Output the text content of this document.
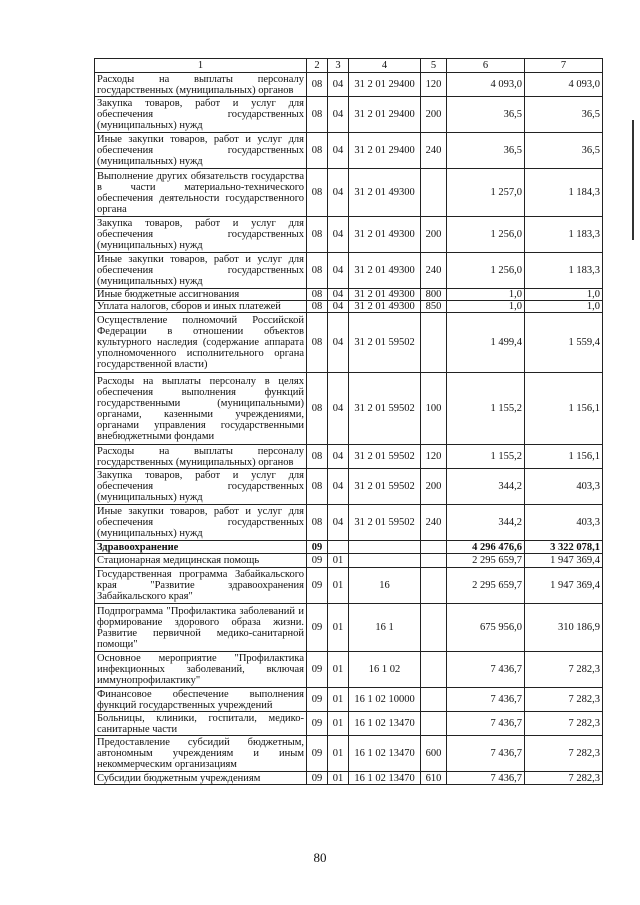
1	2	3	4	5	6	7
Расходы на выплаты персоналу государственных (муниципальных) органов	08	04	31 2 01 29400	120	4 093,0	4 093,0
Закупка товаров, работ и услуг для обеспечения государственных (муниципальных) нужд	08	04	31 2 01 29400	200	36,5	36,5
Иные закупки товаров, работ и услуг для обеспечения государственных (муниципальных) нужд	08	04	31 2 01 29400	240	36,5	36,5
Выполнение других обязательств государства в части материально-технического обеспечения деятельности государственного органа	08	04	31 2 01 49300		1 257,0	1 184,3
Закупка товаров, работ и услуг для обеспечения государственных (муниципальных) нужд	08	04	31 2 01 49300	200	1 256,0	1 183,3
Иные закупки товаров, работ и услуг для обеспечения государственных (муниципальных) нужд	08	04	31 2 01 49300	240	1 256,0	1 183,3
Иные бюджетные ассигнования	08	04	31 2 01 49300	800	1,0	1,0
Уплата налогов, сборов и иных платежей	08	04	31 2 01 49300	850	1,0	1,0
Осуществление полномочий Российской Федерации в отношении объектов культурного наследия (содержание аппарата уполномоченного исполнительного органа государственной власти)	08	04	31 2 01 59502		1 499,4	1 559,4
Расходы на выплаты персоналу в целях обеспечения выполнения функций государственными (муниципальными) органами, казенными учреждениями, органами управления государственными внебюджетными фондами	08	04	31 2 01 59502	100	1 155,2	1 156,1
Расходы на выплаты персоналу государственных (муниципальных) органов	08	04	31 2 01 59502	120	1 155,2	1 156,1
Закупка товаров, работ и услуг для обеспечения государственных (муниципальных) нужд	08	04	31 2 01 59502	200	344,2	403,3
Иные закупки товаров, работ и услуг для обеспечения государственных (муниципальных) нужд	08	04	31 2 01 59502	240	344,2	403,3
Здравоохранение	09				4 296 476,6	3 322 078,1
Стационарная медицинская помощь	09	01			2 295 659,7	1 947 369,4
Государственная программа Забайкальского края "Развитие здравоохранения Забайкальского края"	09	01	16		2 295 659,7	1 947 369,4
Подпрограмма "Профилактика заболеваний и формирование здорового образа жизни. Развитие первичной медико-санитарной помощи"	09	01	16 1		675 956,0	310 186,9
Основное мероприятие "Профилактика инфекционных заболеваний, включая иммунопрофилактику"	09	01	16 1 02		7 436,7	7 282,3
Финансовое обеспечение выполнения функций государственных учреждений	09	01	16 1 02 10000		7 436,7	7 282,3
Больницы, клиники, госпитали, медико-санитарные части	09	01	16 1 02 13470		7 436,7	7 282,3
Предоставление субсидий бюджетным, автономным учреждениям и иным некоммерческим организациям	09	01	16 1 02 13470	600	7 436,7	7 282,3
Субсидии бюджетным учреждениям	09	01	16 1 02 13470	610	7 436,7	7 282,3
80
